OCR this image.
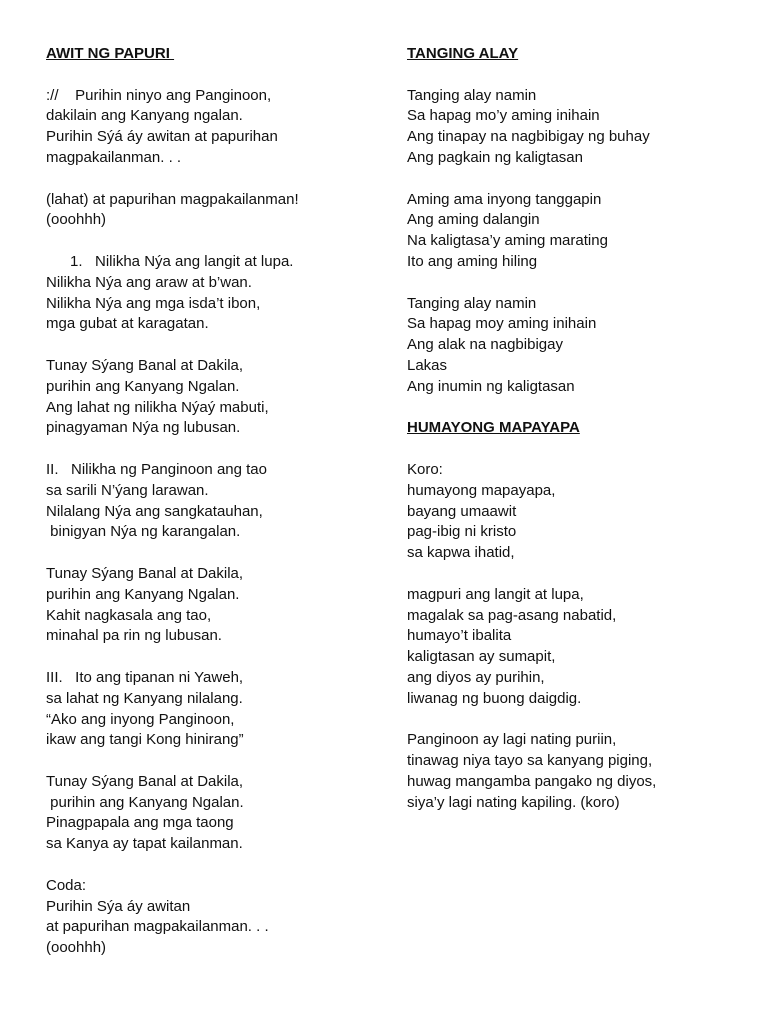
AWIT NG PAPURI
://    Purihin ninyo ang Panginoon,
dakilain ang Kanyang ngalan.
Purihin Sýá áy awitan at papurihan
magpakailanman. . .
(lahat) at papurihan magpakailanman!
(ooohhh)
1.   Nilikha Nýa ang langit at lupa.
Nilikha Nýa ang araw at b’wan.
Nilikha Nýa ang mga isda’t ibon,
mga gubat at karagatan.
Tunay Sýang Banal at Dakila,
purihin ang Kanyang Ngalan.
Ang lahat ng nilikha Nýaý mabuti,
pinagyaman Nýa ng lubusan.
II.   Nilikha ng Panginoon ang tao
sa sarili N’ýang larawan.
Nilalang Nýa ang sangkatauhan,
binigyan Nýa ng karangalan.
Tunay Sýang Banal at Dakila,
purihin ang Kanyang Ngalan.
Kahit nagkasala ang tao,
minahal pa rin ng lubusan.
III.   Ito ang tipanan ni Yaweh,
sa lahat ng Kanyang nilalang.
“Ako ang inyong Panginoon,
ikaw ang tangi Kong hinirang”
Tunay Sýang Banal at Dakila,
purihin ang Kanyang Ngalan.
Pinagpapala ang mga taong
sa Kanya ay tapat kailanman.
Coda:
Purihin Sýa áy awitan
at papurihan magpakailanman. . .
(ooohhh)
TANGING ALAY
Tanging alay namin
Sa hapag mo’y aming inihain
Ang tinapay na nagbibigay ng buhay
Ang pagkain ng kaligtasan
Aming ama inyong tanggapin
Ang aming dalangin
Na kaligtasa’y aming marating
Ito ang aming hiling
Tanging alay namin
Sa hapag moy aming inihain
Ang alak na nagbibigay
Lakas
Ang inumin ng kaligtasan
HUMAYONG MAPAYAPA
Koro:
humayong mapayapa,
bayang umaawit
pag-ibig ni kristo
sa kapwa ihatid,
magpuri ang langit at lupa,
magalak sa pag-asang nabatid,
humayo’t ibalita
kaligtasan ay sumapit,
ang diyos ay purihin,
liwanag ng buong daigdig.
Panginoon ay lagi nating puriin,
tinawag niya tayo sa kanyang piging,
huwag mangamba pangako ng diyos,
siya’y lagi nating kapiling. (koro)
